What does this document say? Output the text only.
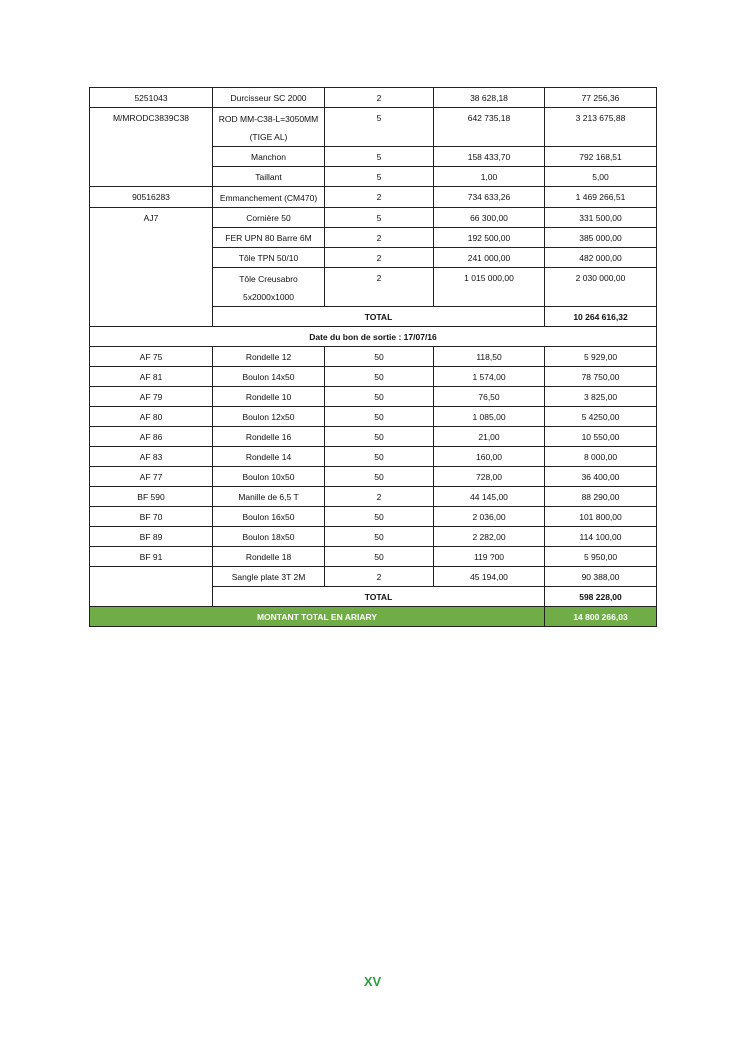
5251043	Durcisseur SC 2000	2	38 628,18	77 256,36
M/MRODC3839C38	ROD MM-C38-L=3050MM (TIGE AL)	5	642 735,18	3 213 675,88
	Manchon	5	158 433,70	792 168,51
	Taillant	5	1,00	5,00
90516283	Emmanchement (CM470)	2	734 633,26	1 469 266,51
AJ7	Cornière 50	5	66 300,00	331 500,00
	FER UPN 80 Barre 6M	2	192 500,00	385 000,00
	Tôle TPN 50/10	2	241 000,00	482 000,00
	Tôle Creusabro 5x2000x1000	2	1 015 000,00	2 030 000,00
	TOTAL			10 264 616,32
Date du bon de sortie : 17/07/16				
AF 75	Rondelle 12	50	118,50	5 929,00
AF 81	Boulon 14x50	50	1 574,00	78 750,00
AF 79	Rondelle 10	50	76,50	3 825,00
AF 80	Boulon 12x50	50	1 085,00	5 4250,00
AF 86	Rondelle 16	50	21,00	10 550,00
AF 83	Rondelle 14	50	160,00	8 000,00
AF 77	Boulon 10x50	50	728,00	36 400,00
BF 590	Manille de 6,5 T	2	44 145,00	88 290,00
BF 70	Boulon 16x50	50	2 036,00	101 800,00
BF 89	Boulon 18x50	50	2 282,00	114 100,00
BF 91	Rondelle 18	50	119 ?00	5 950,00
	Sangle plate 3T 2M	2	45 194,00	90 388,00
	TOTAL			598 228,00
MONTANT TOTAL EN ARIARY				14 800 266,03
XV
